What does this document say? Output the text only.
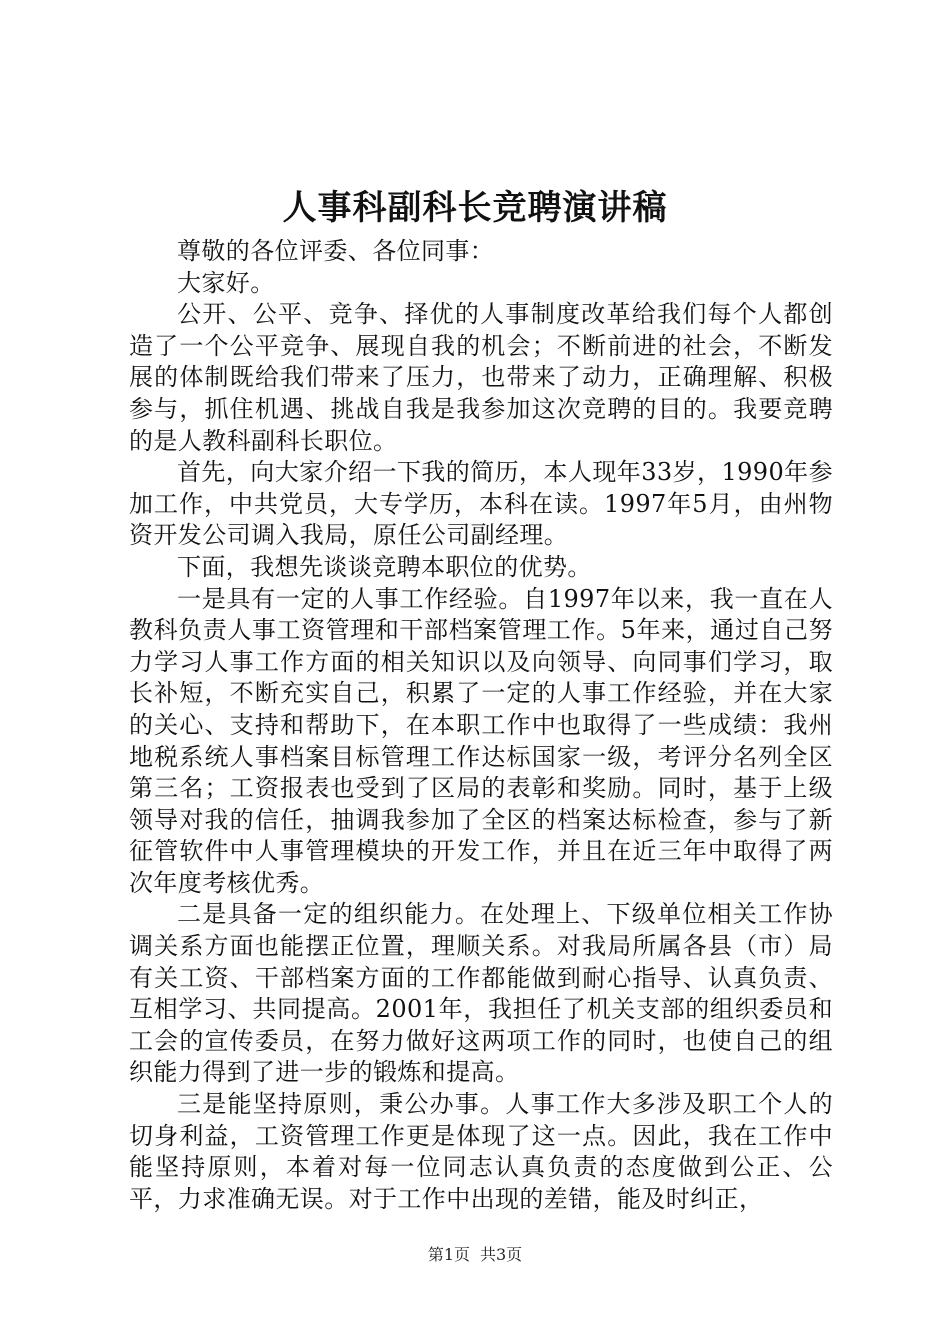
人事科副科长竞聘演讲稿

尊敬的各位评委、各位同事：

大家好。

公开、公平、竞争、择优的人事制度改革给我们每个人都创造了一个公平竞争、展现自我的机会；不断前进的社会，不断发展的体制既给我们带来了压力，也带来了动力，正确理解、积极参与，抓住机遇、挑战自我是我参加这次竞聘的目的。我要竞聘的是人教科副科长职位。

首先，向大家介绍一下我的简历，本人现年33岁，1990年参加工作，中共党员，大专学历，本科在读。1997年5月，由州物资开发公司调入我局，原任公司副经理。

下面，我想先谈谈竞聘本职位的优势。

一是具有一定的人事工作经验。自1997年以来，我一直在人教科负责人事工资管理和干部档案管理工作。5年来，通过自己努力学习人事工作方面的相关知识以及向领导、向同事们学习，取长补短，不断充实自己，积累了一定的人事工作经验，并在大家的关心、支持和帮助下，在本职工作中也取得了一些成绩：我州地税系统人事档案目标管理工作达标国家一级，考评分名列全区第三名；工资报表也受到了区局的表彰和奖励。同时，基于上级领导对我的信任，抽调我参加了全区的档案达标检查，参与了新征管软件中人事管理模块的开发工作，并且在近三年中取得了两次年度考核优秀。

二是具备一定的组织能力。在处理上、下级单位相关工作协调关系方面也能摆正位置，理顺关系。对我局所属各县（市）局有关工资、干部档案方面的工作都能做到耐心指导、认真负责、互相学习、共同提高。2001年，我担任了机关支部的组织委员和工会的宣传委员，在努力做好这两项工作的同时，也使自己的组织能力得到了进一步的锻炼和提高。

三是能坚持原则，秉公办事。人事工作大多涉及职工个人的切身利益，工资管理工作更是体现了这一点。因此，我在工作中能坚持原则，本着对每一位同志认真负责的态度做到公正、公平，力求准确无误。对于工作中出现的差错，能及时纠正，

第1页 共3页
